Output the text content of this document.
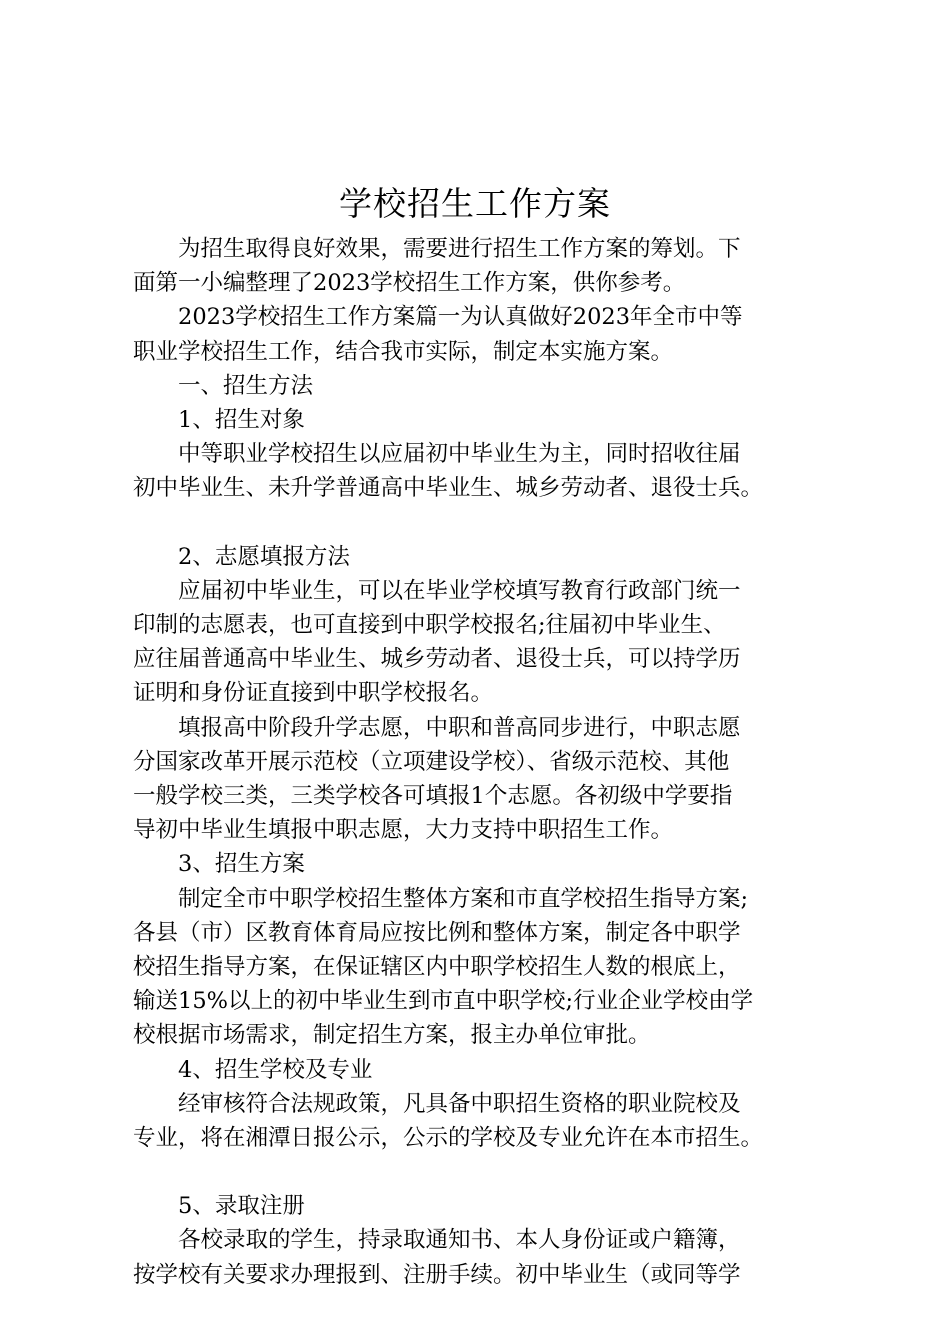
学校招生工作方案
　　为招生取得良好效果，需要进行招生工作方案的筹划。下
面第一小编整理了2023学校招生工作方案，供你参考。
　　2023学校招生工作方案篇一为认真做好2023年全市中等
职业学校招生工作，结合我市实际，制定本实施方案。
　　一、招生方法
　　1、招生对象
　　中等职业学校招生以应届初中毕业生为主，同时招收往届
初中毕业生、未升学普通高中毕业生、城乡劳动者、退役士兵。
　　2、志愿填报方法
　　应届初中毕业生，可以在毕业学校填写教育行政部门统一
印制的志愿表，也可直接到中职学校报名;往届初中毕业生、
应往届普通高中毕业生、城乡劳动者、退役士兵，可以持学历
证明和身份证直接到中职学校报名。
　　填报高中阶段升学志愿，中职和普高同步进行，中职志愿
分国家改革开展示范校（立项建设学校）、省级示范校、其他
一般学校三类，三类学校各可填报1个志愿。各初级中学要指
导初中毕业生填报中职志愿，大力支持中职招生工作。
　　3、招生方案
　　制定全市中职学校招生整体方案和市直学校招生指导方案;
各县（市）区教育体育局应按比例和整体方案，制定各中职学
校招生指导方案，在保证辖区内中职学校招生人数的根底上，
输送15%以上的初中毕业生到市直中职学校;行业企业学校由学
校根据市场需求，制定招生方案，报主办单位审批。
　　4、招生学校及专业
　　经审核符合法规政策，凡具备中职招生资格的职业院校及
专业，将在湘潭日报公示，公示的学校及专业允许在本市招生。
　　5、录取注册
　　各校录取的学生，持录取通知书、本人身份证或户籍簿，
按学校有关要求办理报到、注册手续。初中毕业生（或同等学
